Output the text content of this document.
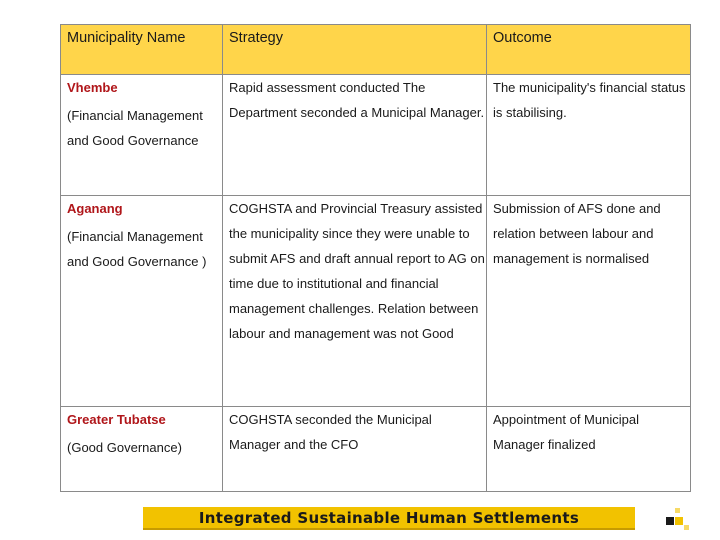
Municipality Name	Strategy	Outcome
Vhembe
(Financial Management and Good Governance	Rapid assessment conducted The Department seconded a Municipal Manager.	The municipality's financial status is stabilising.
Aganang
(Financial Management and Good Governance )	COGHSTA and Provincial Treasury assisted the municipality since they were unable to submit AFS and draft annual report to AG on time due to institutional and financial management challenges. Relation between labour and management was not Good	Submission of AFS done and relation between labour and management is normalised
Greater Tubatse
(Good Governance)	COGHSTA seconded the Municipal Manager and the CFO	Appointment of Municipal Manager finalized
Integrated Sustainable Human Settlements
